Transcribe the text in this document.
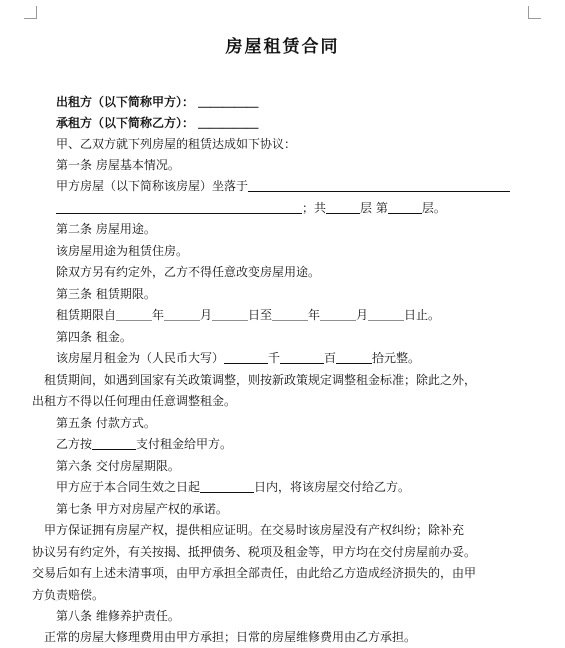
房屋租赁合同
出租方（以下简称甲方）： ＿＿＿＿＿
承租方（以下简称乙方）： ＿＿＿＿＿
甲、乙双方就下列房屋的租赁达成如下协议：
第一条 房屋基本情况。
甲方房屋（以下简称该房屋）坐落于
；共	层 第	层。
第二条 房屋用途。
该房屋用途为租赁住房。
除双方另有约定外，乙方不得任意改变房屋用途。
第三条 租赁期限。
租赁期限自＿＿＿年＿＿＿月＿＿＿日至＿＿＿年＿＿＿月＿＿＿日止。
第四条 租金。
该房屋月租金为（人民币大写）	千	百	拾元整。
租赁期间，如遇到国家有关政策调整，则按新政策规定调整租金标准；除此之外，
出租方不得以任何理由任意调整租金。
第五条 付款方式。
乙方按	支付租金给甲方。
第六条 交付房屋期限。
甲方应于本合同生效之日起	日内，将该房屋交付给乙方。
第七条 甲方对房屋产权的承诺。
甲方保证拥有房屋产权，提供相应证明。在交易时该房屋没有产权纠纷；除补充
协议另有约定外，有关按揭、抵押债务、税项及租金等，甲方均在交付房屋前办妥。
交易后如有上述未清事项，由甲方承担全部责任，由此给乙方造成经济损失的，由甲
方负责赔偿。
第八条 维修养护责任。
正常的房屋大修理费用由甲方承担；日常的房屋维修费用由乙方承担。
